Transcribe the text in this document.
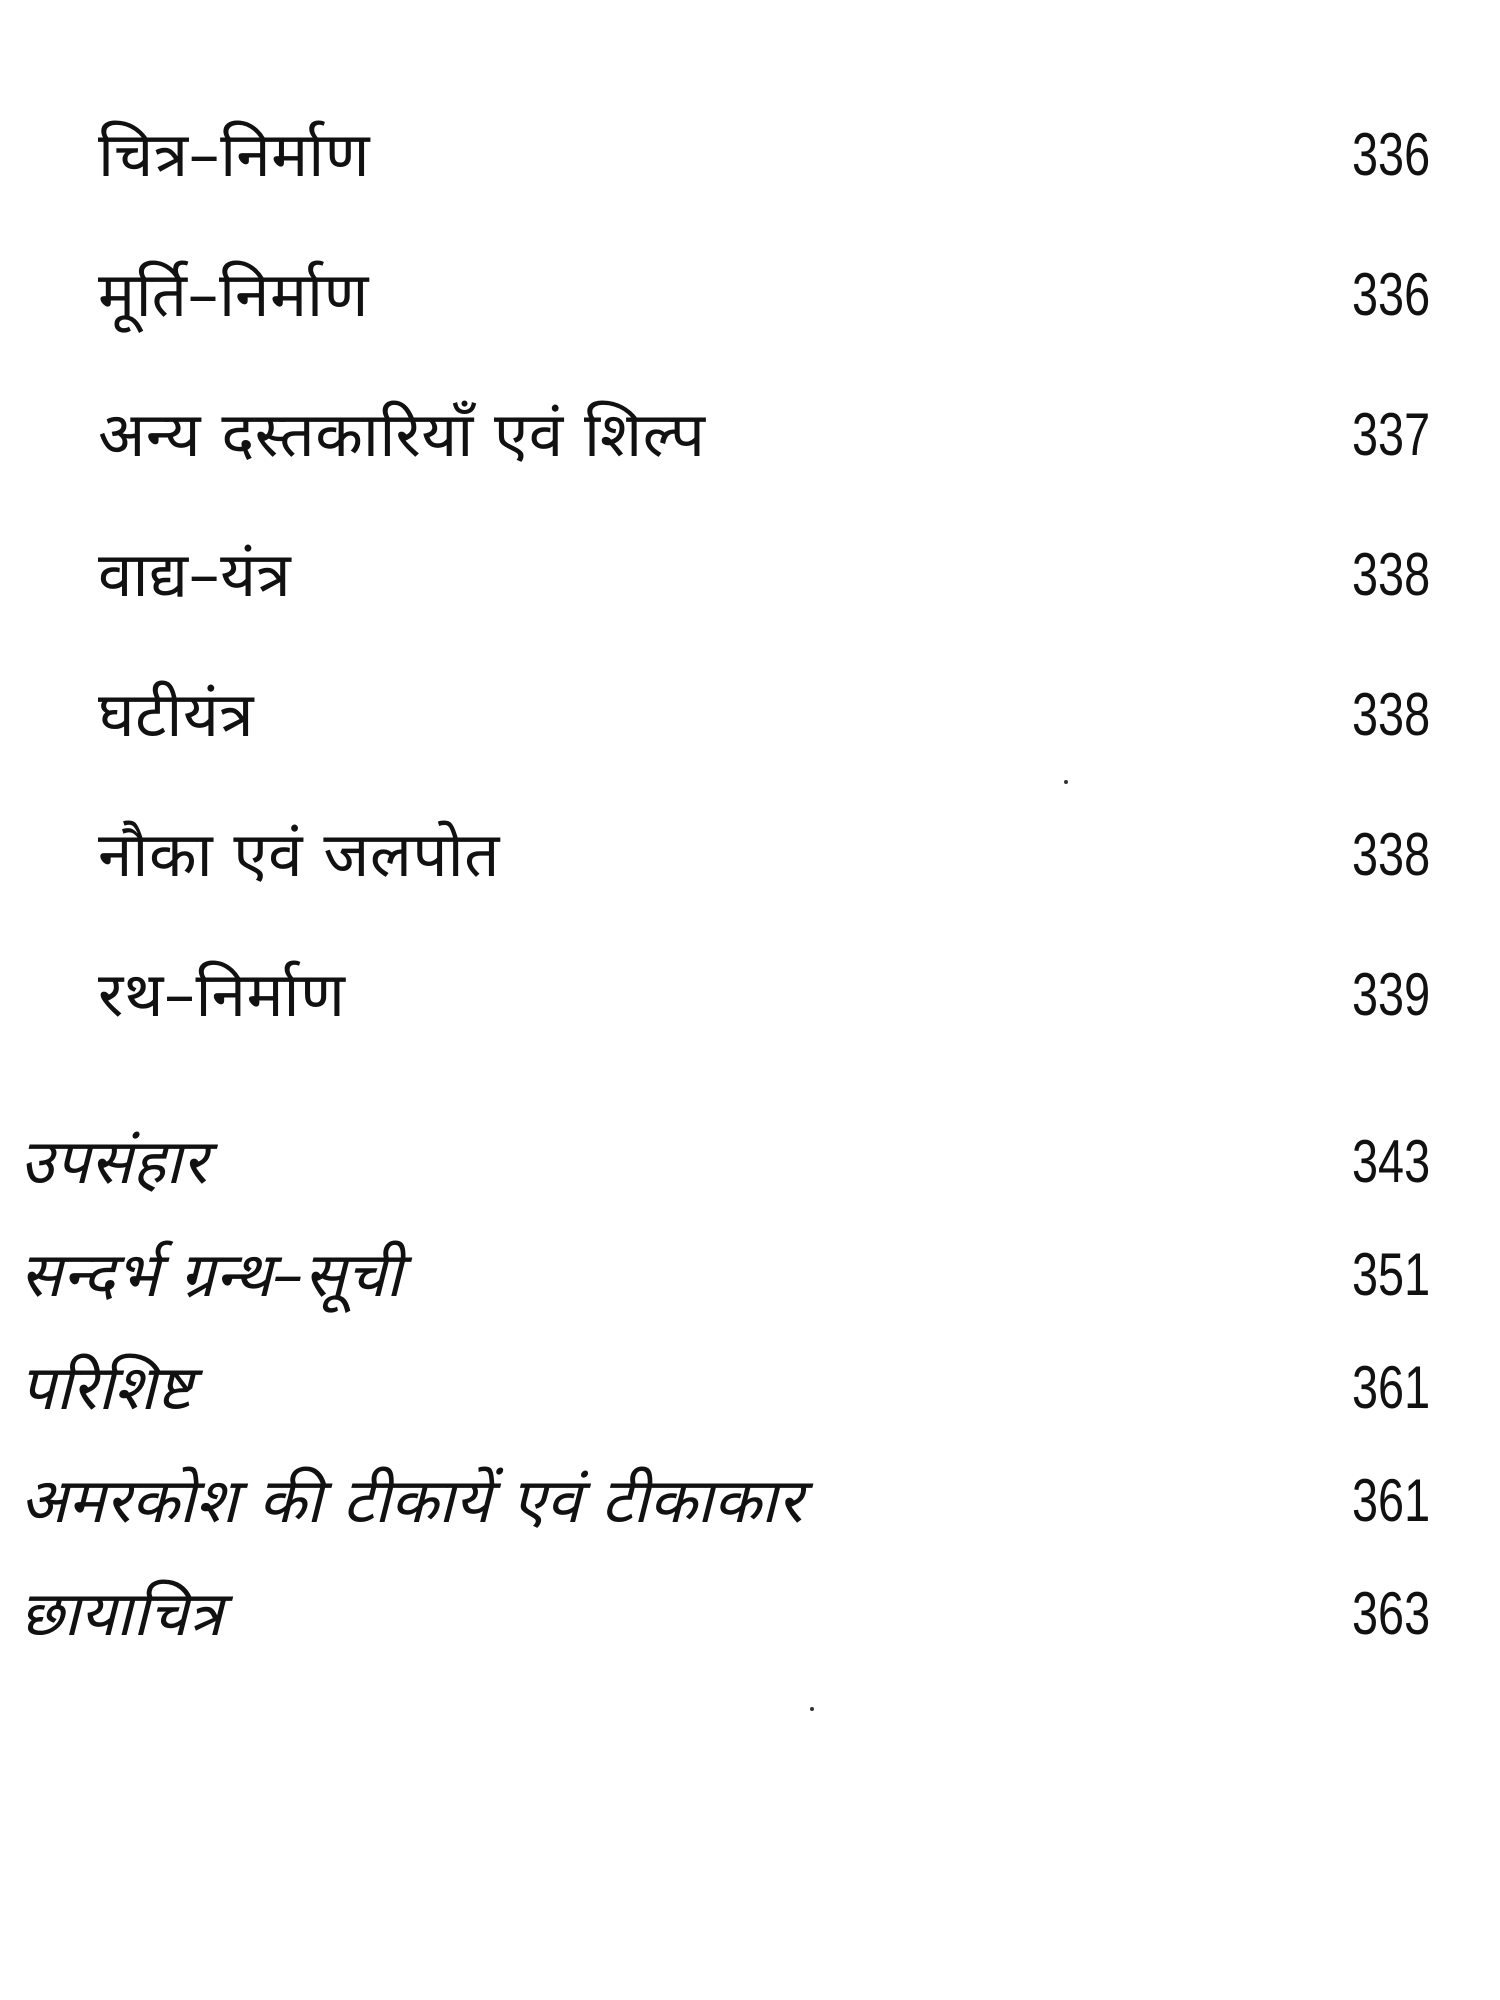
चित्र–निर्माण	336
मूर्ति–निर्माण	336
अन्य दस्तकारियाँ एवं शिल्प	337
वाद्य–यंत्र	338
घटीयंत्र	338
नौका एवं जलपोत	338
रथ–निर्माण	339
उपसंहार	343
सन्दर्भ ग्रन्थ–सूची	351
परिशिष्ट	361
अमरकोश की टीकायें एवं टीकाकार	361
छायाचित्र	363
